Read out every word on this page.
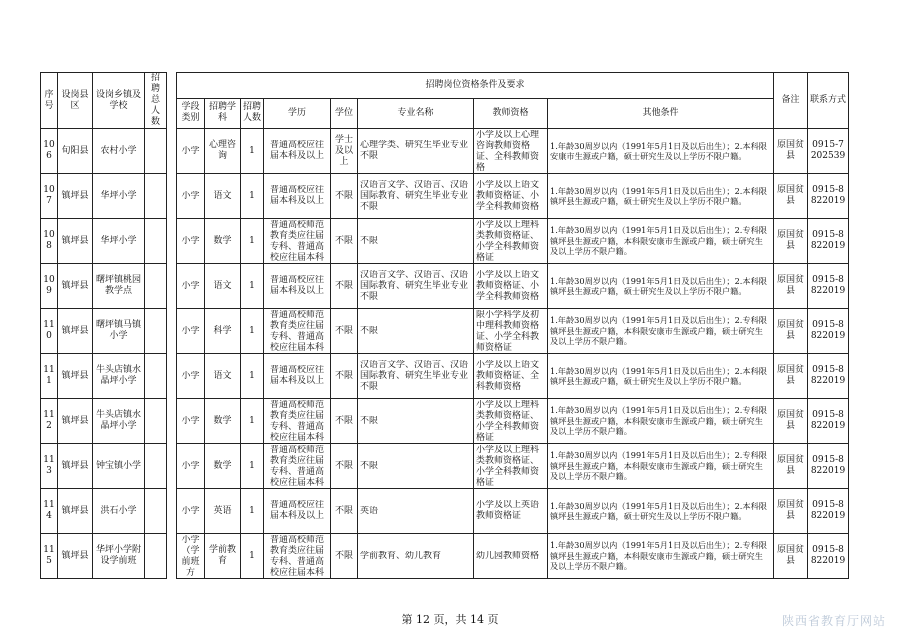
序号	设岗县区	设岗乡镇及学校	招聘总人数		招聘岗位资格条件及要求								备注	联系方式
					学段类别	招聘学科	招聘人数	学历	学位	专业名称	教师资格	其他条件		
106	旬阳县	农村小学			小学	心理咨询	1	普通高校应往届本科及以上	学士及以上	心理学类、研究生毕业专业不限	小学及以上心理咨询教师资格证、全科教师资格	1.年龄30周岁以内（1991年5月1日及以后出生）；2.本科限安康市生源或户籍，硕士研究生及以上学历不限户籍。	原国贫县	0915-7202539
107	镇坪县	华坪小学			小学	语文	1	普通高校应往届本科及以上	不限	汉语言文学、汉语言、汉语国际教育、研究生毕业专业不限	小学及以上语文教师资格证、小学全科教师资格	1.年龄30周岁以内（1991年5月1日及以后出生）；2.本科限镇坪县生源或户籍，硕士研究生及以上学历不限户籍。	原国贫县	0915-8822019
108	镇坪县	华坪小学			小学	数学	1	普通高校师范教育类应往届专科、普通高校应往届本科	不限	不限	小学及以上理科类教师资格证、小学全科教师资格证	1.年龄30周岁以内（1991年5月1日及以后出生）；2.专科限镇坪县生源或户籍，本科限安康市生源或户籍，硕士研究生及以上学历不限户籍。	原国贫县	0915-8822019
109	镇坪县	曙坪镇桃园教学点			小学	语文	1	普通高校应往届本科及以上	不限	汉语言文学、汉语言、汉语国际教育、研究生毕业专业不限	小学及以上语文教师资格证、小学全科教师资格	1.年龄30周岁以内（1991年5月1日及以后出生）；2.本科限镇坪县生源或户籍，硕士研究生及以上学历不限户籍。	原国贫县	0915-8822019
110	镇坪县	曙坪镇马镇小学			小学	科学	1	普通高校师范教育类应往届专科、普通高校应往届本科	不限	不限	限小学科学及初中理科教师资格证、小学全科教师资格证	1.年龄30周岁以内（1991年5月1日及以后出生）；2.专科限镇坪县生源或户籍，本科限安康市生源或户籍，硕士研究生及以上学历不限户籍。	原国贫县	0915-8822019
111	镇坪县	牛头店镇水晶坪小学			小学	语文	1	普通高校应往届本科及以上	不限	汉语言文学、汉语言、汉语国际教育、研究生毕业专业不限	小学及以上语文教师资格证、全科教师资格	1.年龄30周岁以内（1991年5月1日及以后出生）；2.本科限镇坪县生源或户籍，硕士研究生及以上学历不限户籍。	原国贫县	0915-8822019
112	镇坪县	牛头店镇水晶坪小学			小学	数学	1	普通高校师范教育类应往届专科、普通高校应往届本科	不限	不限	小学及以上理科类教师资格证、小学全科教师资格证	1.年龄30周岁以内（1991年5月1日及以后出生）；2.专科限镇坪县生源或户籍，本科限安康市生源或户籍，硕士研究生及以上学历不限户籍。	原国贫县	0915-8822019
113	镇坪县	钟宝镇小学			小学	数学	1	普通高校师范教育类应往届专科、普通高校应往届本科	不限	不限	小学及以上理科类教师资格证、小学全科教师资格证	1.年龄30周岁以内（1991年5月1日及以后出生）；2.专科限镇坪县生源或户籍，本科限安康市生源或户籍，硕士研究生及以上学历不限户籍。	原国贫县	0915-8822019
114	镇坪县	洪石小学			小学	英语	1	普通高校应往届本科及以上	不限	英语	小学及以上英语教师资格证	1.年龄30周岁以内（1991年5月1日及以后出生）；2.本科限镇坪县生源或户籍，硕士研究生及以上学历不限户籍。	原国贫县	0915-8822019
115	镇坪县	华坪小学附设学前班			小学（学前班方	学前教育	1	普通高校师范教育类应往届专科、普通高校应往届本科	不限	学前教育、幼儿教育	幼儿园教师资格	1.年龄30周岁以内（1991年5月1日及以后出生）；2.专科限镇坪县生源或户籍，本科限安康市生源或户籍，硕士研究生及以上学历不限户籍。	原国贫县	0915-8822019
第 12 页，共 14 页	陕西省教育厅网站
